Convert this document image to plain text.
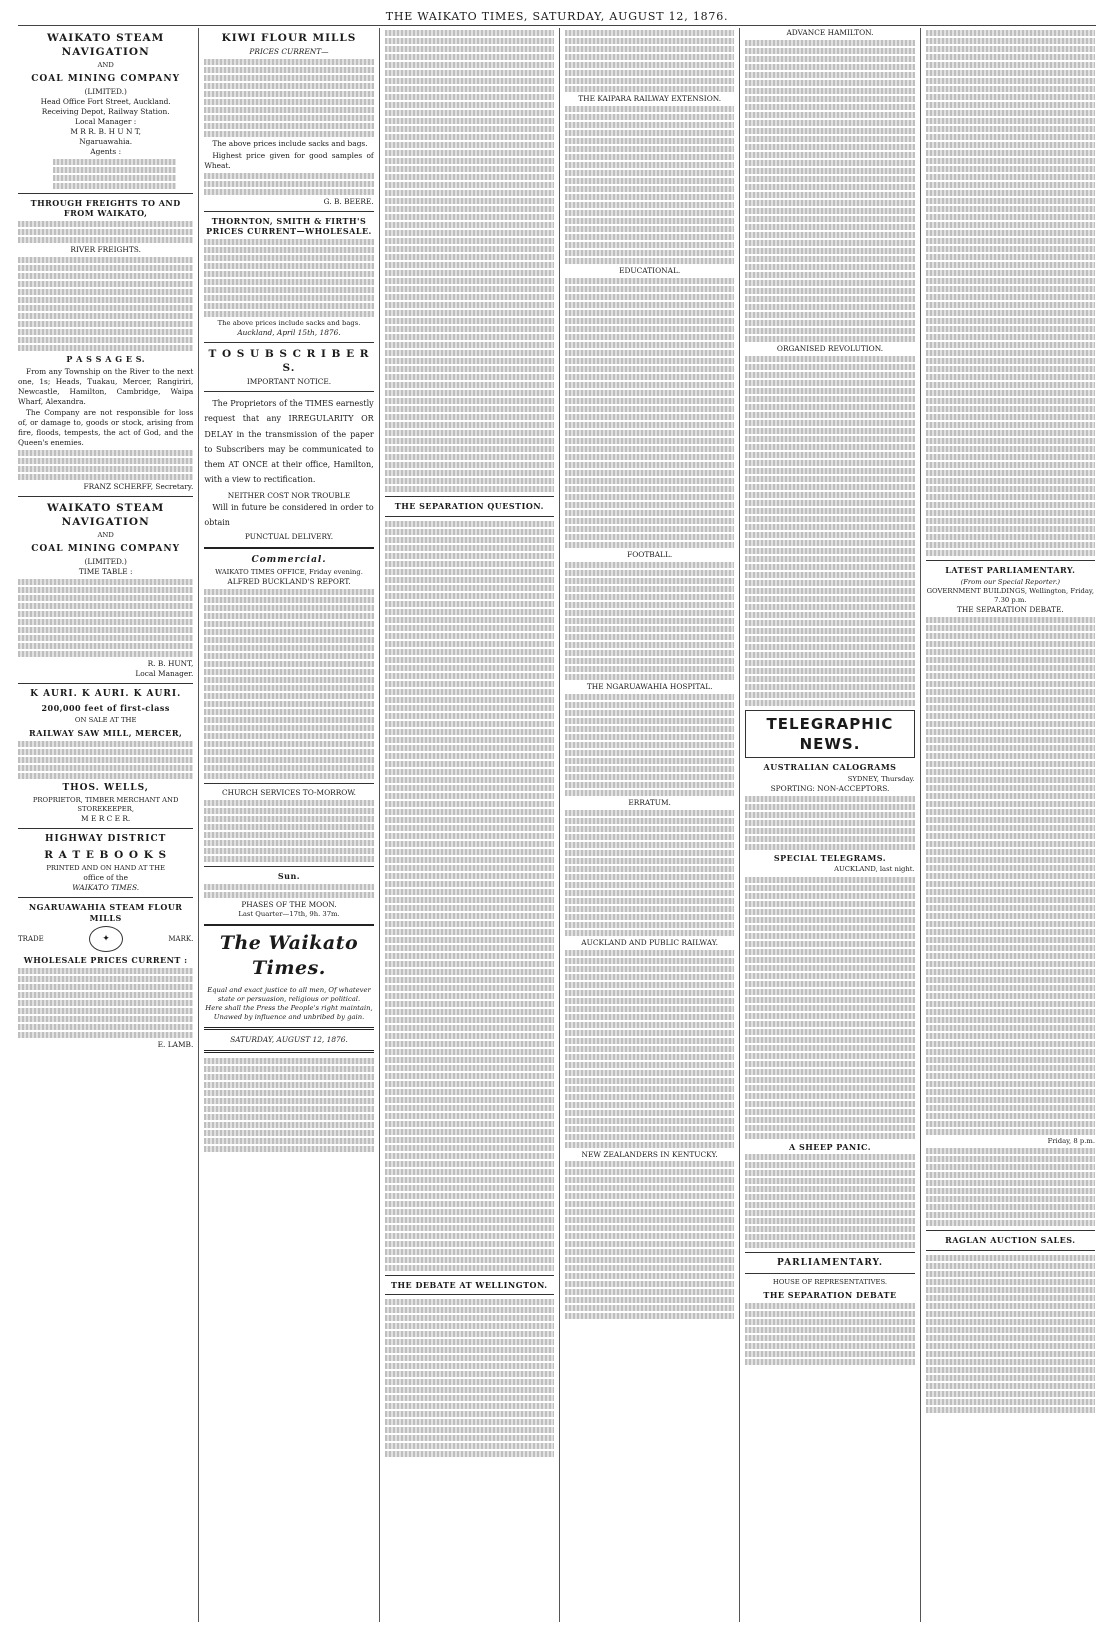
THE WAIKATO TIMES, SATURDAY, AUGUST 12, 1876.
WAIKATO STEAM NAVIGATION
AND
COAL MINING COMPANY
(LIMITED.)
Head Office Fort Street, Auckland.
Receiving Depot, Railway Station.
Local Manager :
M R R. B. H U N T,
Ngaruawahia.
Agents :
THROUGH FREIGHTS TO AND FROM WAIKATO,
RIVER FREIGHTS.
P A S S A G E S.
From any Township on the River to the next one, 1s; Heads, Tuakau, Mercer, Rangiriri, Newcastle, Hamilton, Cambridge, Waipa Wharf, Alexandra.
The Company are not responsible for loss of, or damage to, goods or stock, arising from fire, floods, tempests, the act of God, and the Queen's enemies.
FRANZ SCHERFF, Secretary.
WAIKATO STEAM NAVIGATION
AND
COAL MINING COMPANY
(LIMITED.)
TIME TABLE :
R. B. HUNT,
Local Manager.
K AURI. K AURI. K AURI.
200,000 feet of first-class
ON SALE AT THE
RAILWAY SAW MILL, MERCER,
THOS. WELLS,
PROPRIETOR, TIMBER MERCHANT AND STOREKEEPER,
M E R C E R.
HIGHWAY DISTRICT
R A T E B O O K S
PRINTED AND ON HAND AT THE
office of the
WAIKATO TIMES.
NGARUAWAHIA STEAM FLOUR MILLS
TRADE	✦	MARK.
WHOLESALE PRICES CURRENT :
E. LAMB.
KIWI FLOUR MILLS
PRICES CURRENT—
The above prices include sacks and bags.
Highest price given for good samples of Wheat.
G. B. BEERE.
THORNTON, SMITH & FIRTH'S PRICES CURRENT—WHOLESALE.
The above prices include sacks and bags.
Auckland, April 15th, 1876.
T O S U B S C R I B E R S.
IMPORTANT NOTICE.
The Proprietors of the TIMES earnestly request that any IRREGULARITY OR DELAY in the transmission of the paper to Subscribers may be communicated to them AT ONCE at their office, Hamilton, with a view to rectification.
NEITHER COST NOR TROUBLE
Will in future be considered in order to obtain
PUNCTUAL DELIVERY.
Commercial.
WAIKATO TIMES OFFICE, Friday evening.
ALFRED BUCKLAND'S REPORT.
CHURCH SERVICES TO-MORROW.
Sun.
PHASES OF THE MOON.
Last Quarter—17th, 9h. 37m.
The Waikato Times.
Equal and exact justice to all men, Of whatever state or persuasion, religious or political.
Here shall the Press the People's right maintain, Unawed by influence and unbribed by gain.
SATURDAY, AUGUST 12, 1876.
THE SEPARATION QUESTION.
THE DEBATE AT WELLINGTON.
THE KAIPARA RAILWAY EXTENSION.
EDUCATIONAL.
FOOTBALL.
THE NGARUAWAHIA HOSPITAL.
ERRATUM.
AUCKLAND AND PUBLIC RAILWAY.
NEW ZEALANDERS IN KENTUCKY.
ADVANCE HAMILTON.
ORGANISED REVOLUTION.
TELEGRAPHIC NEWS.
AUSTRALIAN CALOGRAMS
SYDNEY, Thursday.
SPORTING: NON-ACCEPTORS.
SPECIAL TELEGRAMS.
AUCKLAND, last night.
A SHEEP PANIC.
PARLIAMENTARY.
HOUSE OF REPRESENTATIVES.
THE SEPARATION DEBATE
LATEST PARLIAMENTARY.
(From our Special Reporter.)
GOVERNMENT BUILDINGS, Wellington, Friday, 7.30 p.m.
THE SEPARATION DEBATE.
Friday, 8 p.m.
RAGLAN AUCTION SALES.
